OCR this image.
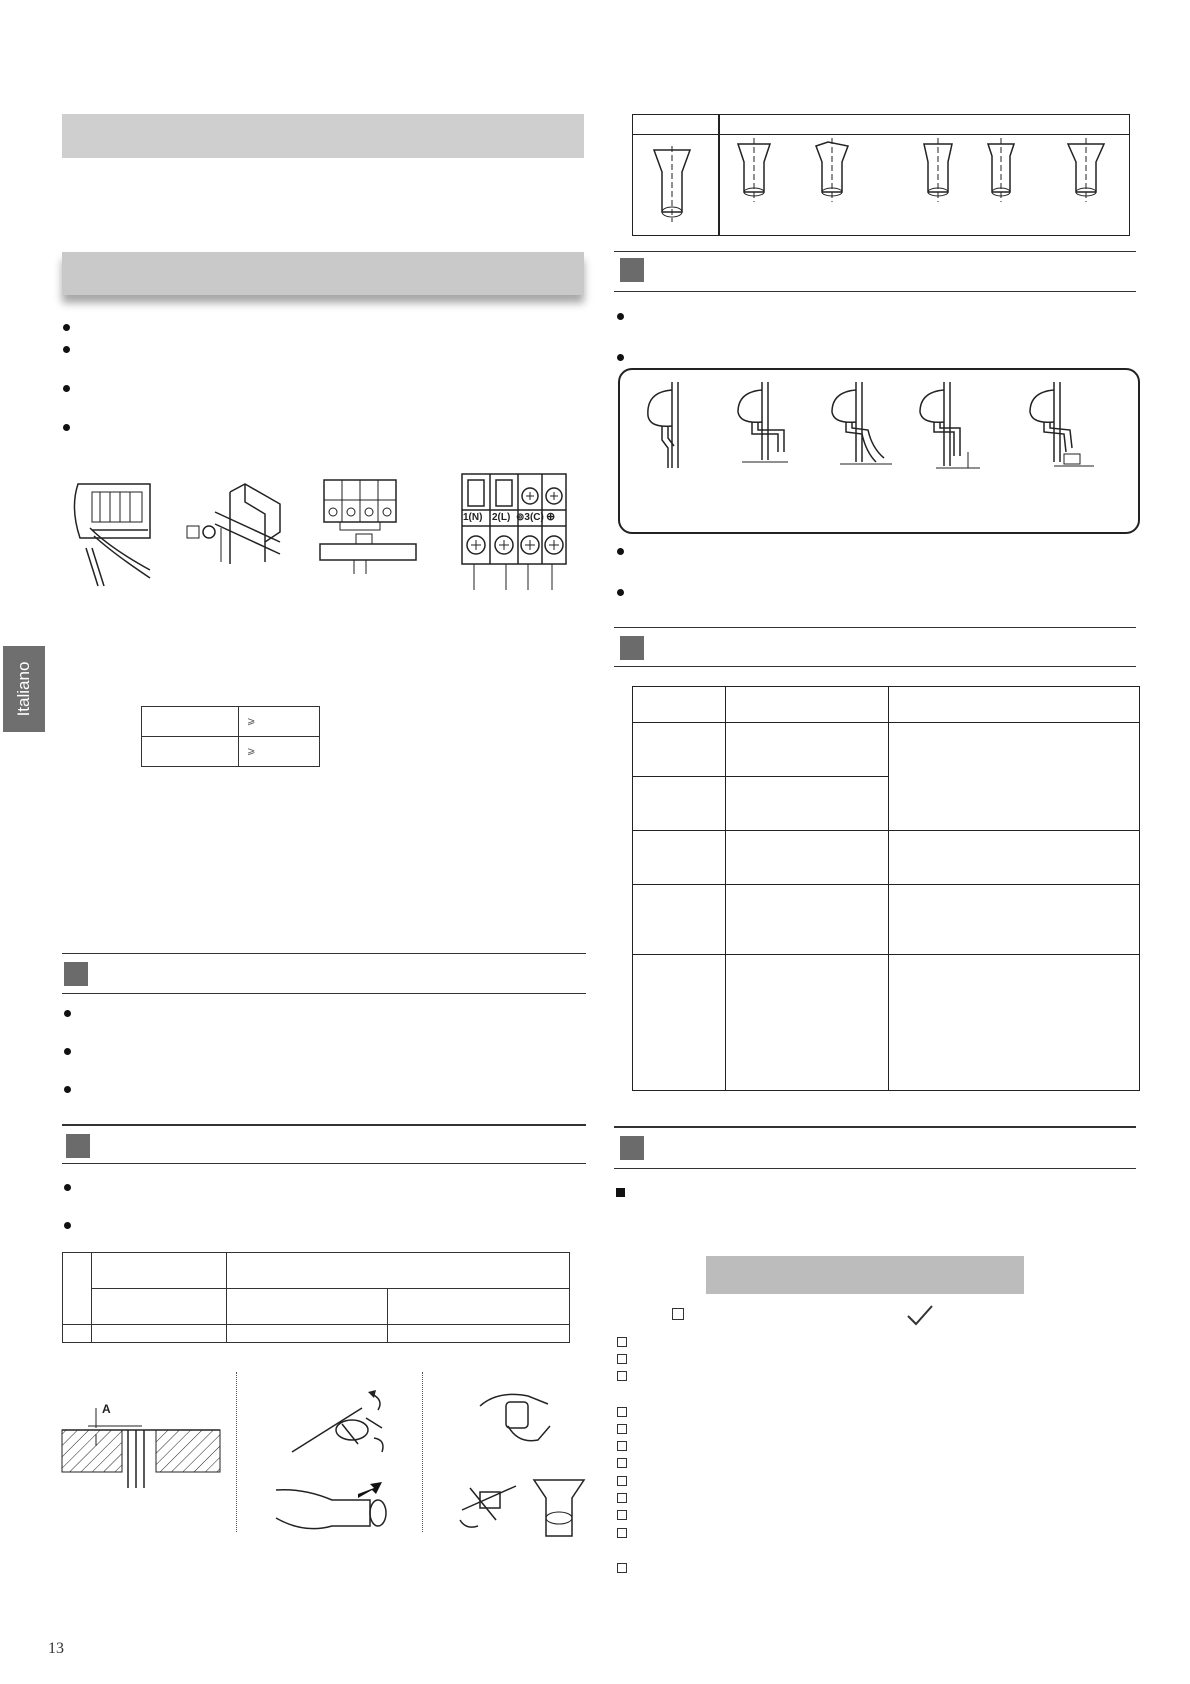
1(N) 2(L) ⊚3(C) ⊕
Italiano
	⩾
	⩾

A
13
